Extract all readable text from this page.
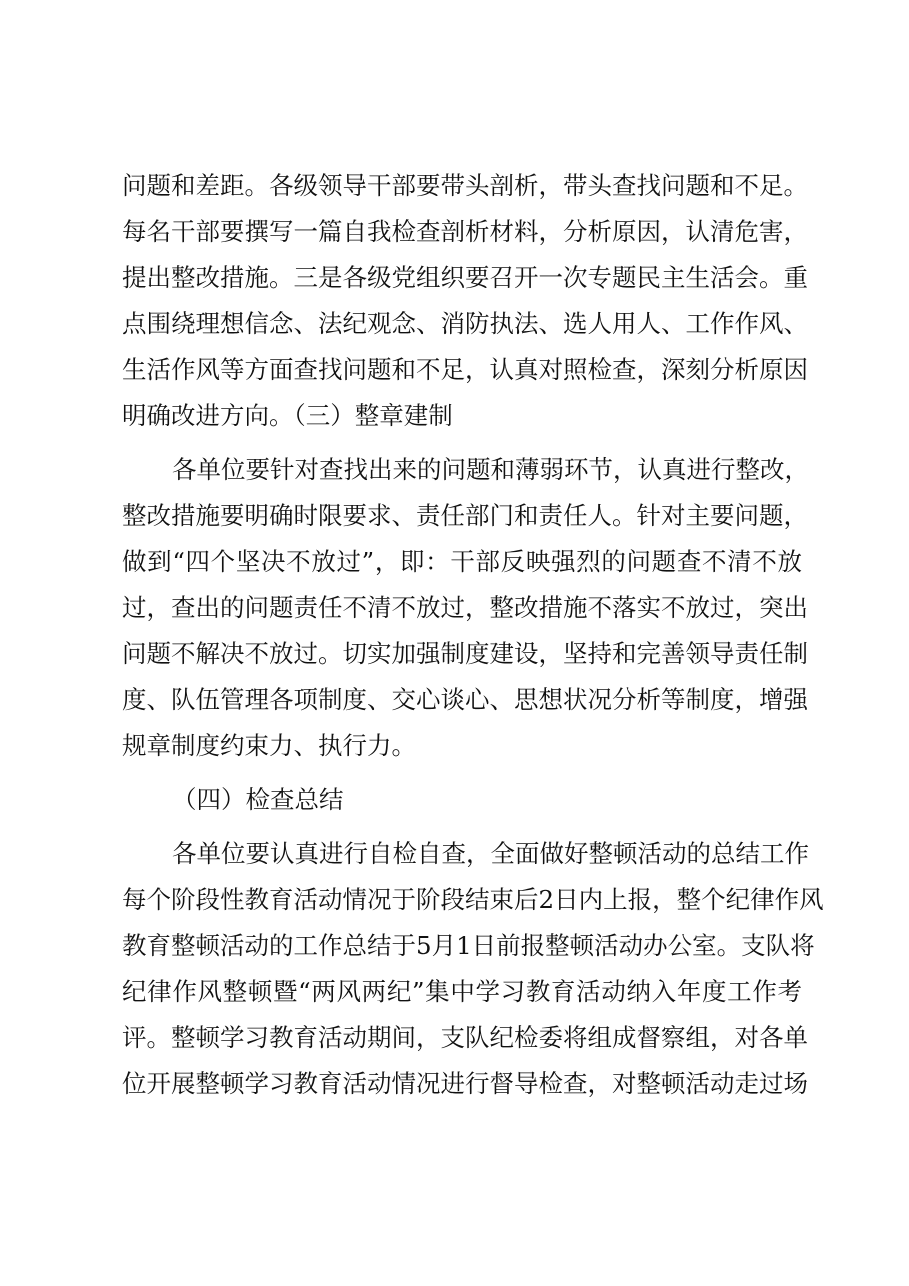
问题和差距。各级领导干部要带头剖析，带头查找问题和不足。
每名干部要撰写一篇自我检查剖析材料，分析原因，认清危害，
提出整改措施。三是各级党组织要召开一次专题民主生活会。重
点围绕理想信念、法纪观念、消防执法、选人用人、工作作风、
生活作风等方面查找问题和不足，认真对照检查，深刻分析原因
明确改进方向。（三）整章建制
各单位要针对查找出来的问题和薄弱环节，认真进行整改，
整改措施要明确时限要求、责任部门和责任人。针对主要问题，
做到“四个坚决不放过”，即：干部反映强烈的问题查不清不放
过，查出的问题责任不清不放过，整改措施不落实不放过，突出
问题不解决不放过。切实加强制度建设，坚持和完善领导责任制
度、队伍管理各项制度、交心谈心、思想状况分析等制度，增强
规章制度约束力、执行力。
（四）检查总结
各单位要认真进行自检自查，全面做好整顿活动的总结工作
每个阶段性教育活动情况于阶段结束后2日内上报，整个纪律作风
教育整顿活动的工作总结于5月1日前报整顿活动办公室。支队将
纪律作风整顿暨“两风两纪”集中学习教育活动纳入年度工作考
评。整顿学习教育活动期间，支队纪检委将组成督察组，对各单
位开展整顿学习教育活动情况进行督导检查，对整顿活动走过场
